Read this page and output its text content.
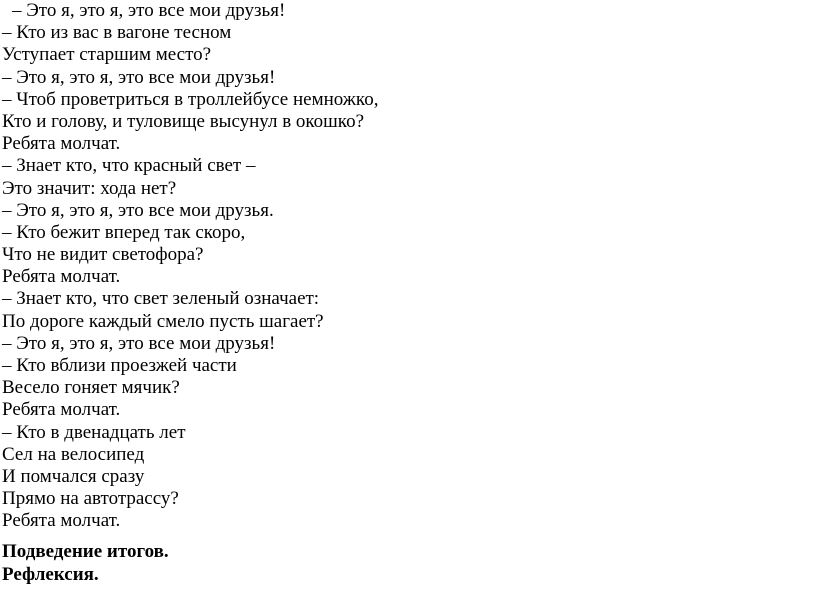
– Это я, это я, это все мои друзья!
– Кто из вас в вагоне тесном
Уступает старшим место?
– Это я, это я, это все мои друзья!
– Чтоб проветриться в троллейбусе немножко,
Кто и голову, и туловище высунул в окошко?
Ребята молчат.
– Знает кто, что красный свет –
Это значит: хода нет?
– Это я, это я, это все мои друзья.
– Кто бежит вперед так скоро,
Что не видит светофора?
Ребята молчат.
– Знает кто, что свет зеленый означает:
По дороге каждый смело пусть шагает?
– Это я, это я, это все мои друзья!
– Кто вблизи проезжей части
Весело гоняет мячик?
Ребята молчат.
– Кто в двенадцать лет
Сел на велосипед
И помчался сразу
Прямо на автотрассу?
Ребята молчат.
Подведение итогов.
Рефлексия.
